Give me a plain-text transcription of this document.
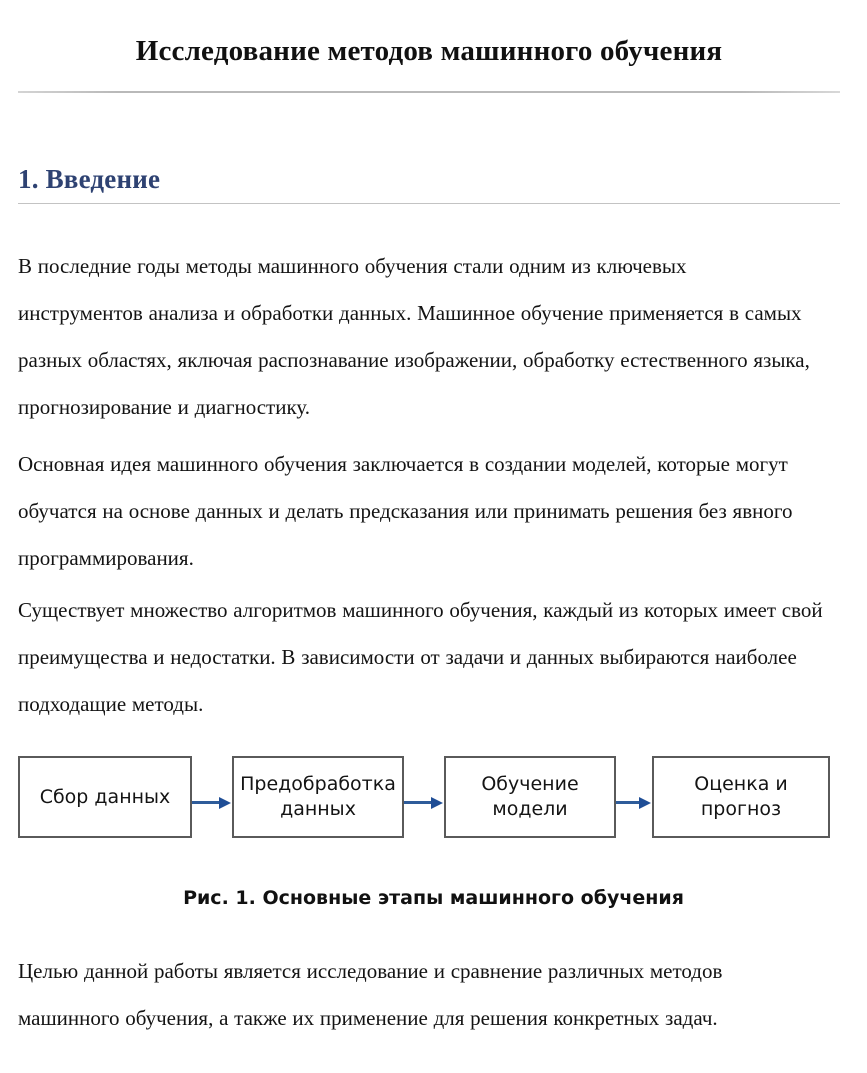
Исследование методов машинного обучения
1. Введение

В последние годы методы машинного обучения стали одним из ключевых инструментов анализа и обработки данных. Машинное обучение применяется в самых разных областях, яключая распознавание изображении, обработку естественного языка, прогнозирование и диагностику.

Основная идея машинного обучения заключается в создании моделей, которые могут обучатся на основе данных и делать предсказания или принимать решения без явного программирования.

Существует множество алгоритмов машинного обучения, каждый из которых имеет свой преимущества и недостатки. В зависимости от задачи и данных выбираются наиболее подходащие методы.

Сбор данных
Предобработка данных
Обучение модели
Оценка и прогноз
Рис. 1. Основные этапы машинного обучения

Целью данной работы является исследование и сравнение различных методов машинного обучения, а также их применение для решения конкретных задач.
